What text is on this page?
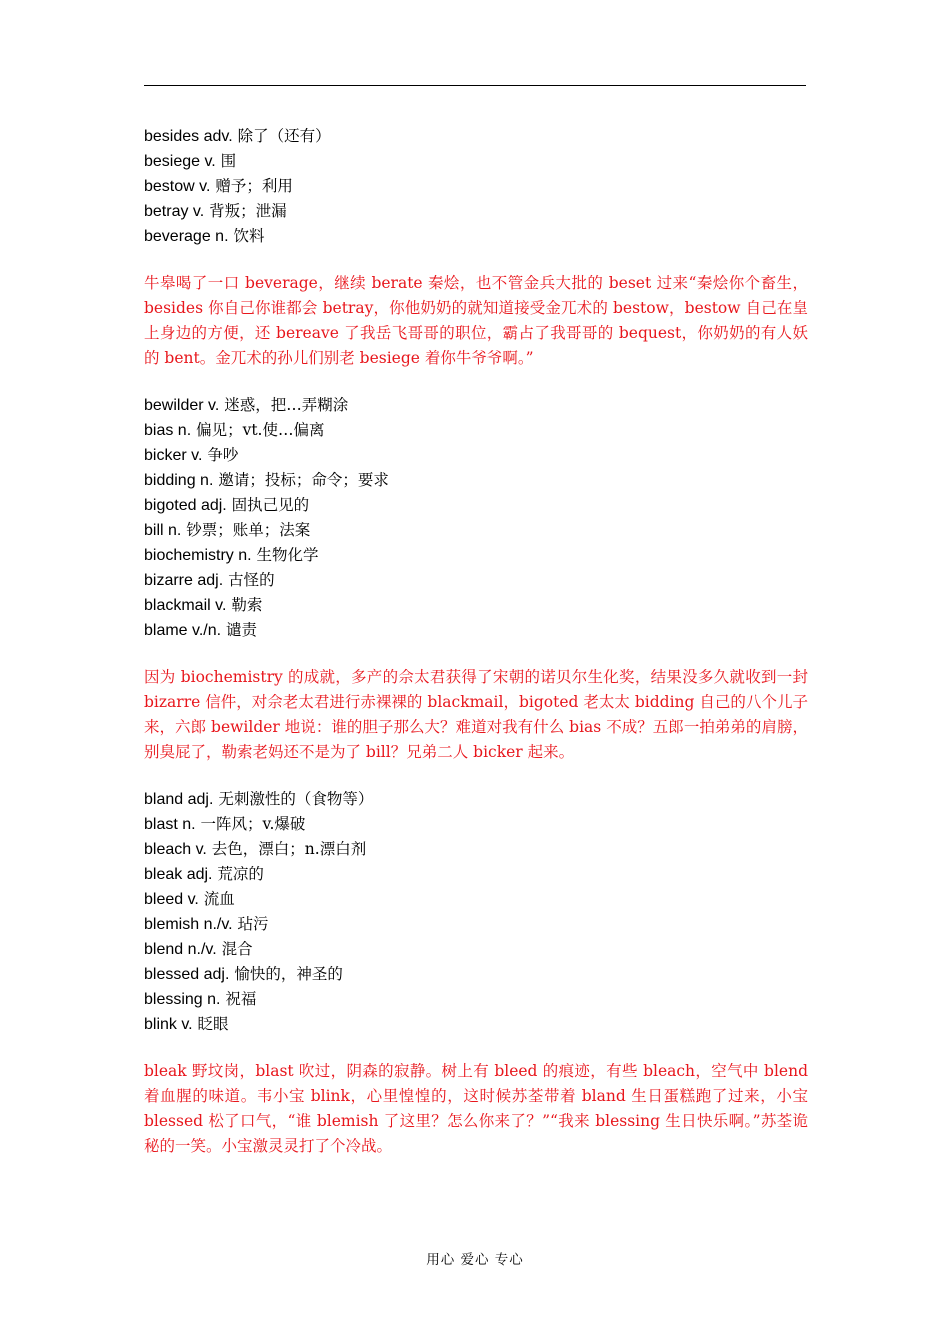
besides adv. 除了（还有）
besiege v. 围
bestow v. 赠予；利用
betray v. 背叛；泄漏
beverage n. 饮料

牛皋喝了一口 beverage，继续 berate 秦烩，也不管金兵大批的 beset 过来“秦烩你个畜生，besides 你自己你谁都会 betray，你他奶奶的就知道接受金兀术的 bestow，bestow 自己在皇上身边的方便，还 bereave 了我岳飞哥哥的职位，霸占了我哥哥的 bequest，你奶奶的有人妖的 bent。金兀术的孙儿们别老 besiege 着你牛爷爷啊。”

bewilder v. 迷惑，把…弄糊涂
bias n. 偏见；vt.使…偏离
bicker v. 争吵
bidding n. 邀请；投标；命令；要求
bigoted adj. 固执己见的
bill n. 钞票；账单；法案
biochemistry n. 生物化学
bizarre adj. 古怪的
blackmail v. 勒索
blame v./n. 谴责

因为 biochemistry 的成就，多产的佘太君获得了宋朝的诺贝尔生化奖，结果没多久就收到一封 bizarre 信件，对佘老太君进行赤裸裸的 blackmail，bigoted 老太太 bidding 自己的八个儿子来，六郎 bewilder 地说：谁的胆子那么大？难道对我有什么 bias 不成？五郎一拍弟弟的肩膀，别臭屁了，勒索老妈还不是为了 bill？兄弟二人 bicker 起来。

bland adj. 无刺激性的（食物等）
blast n. 一阵风；v.爆破
bleach v. 去色，漂白；n.漂白剂
bleak adj. 荒凉的
bleed v. 流血
blemish n./v. 玷污
blend n./v. 混合
blessed adj. 愉快的，神圣的
blessing n. 祝福
blink v. 眨眼

bleak 野坟岗，blast 吹过，阴森的寂静。树上有 bleed 的痕迹，有些 bleach，空气中 blend 着血腥的味道。韦小宝 blink，心里惶惶的，这时候苏荃带着 bland 生日蛋糕跑了过来，小宝 blessed 松了口气，“谁 blemish 了这里？怎么你来了？”“我来 blessing 生日快乐啊。”苏荃诡秘的一笑。小宝激灵灵打了个冷战。

用心 爱心 专心
